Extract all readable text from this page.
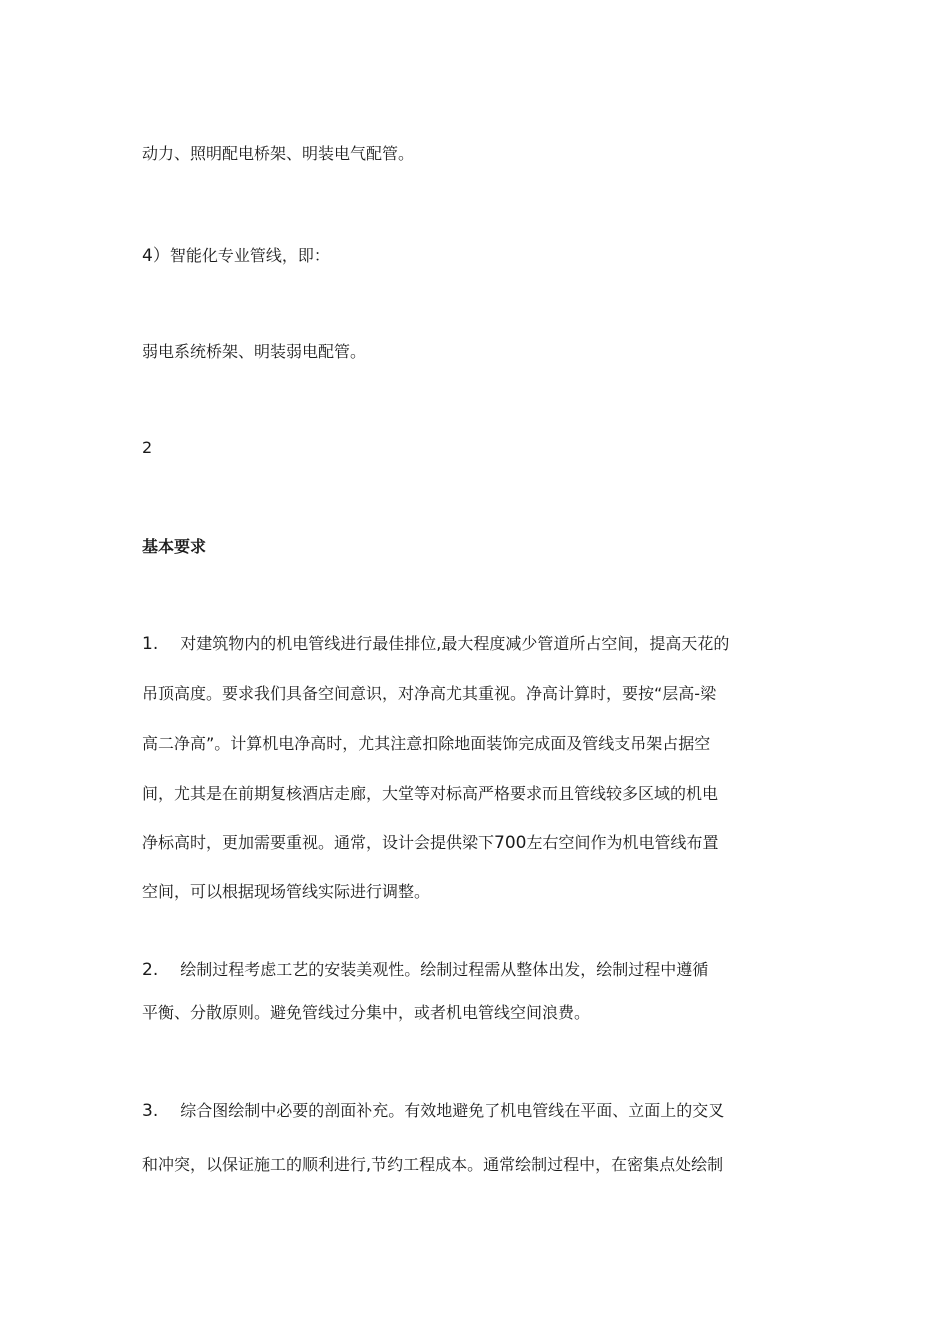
动力、照明配电桥架、明装电气配管。
4）智能化专业管线，即：
弱电系统桥架、明装弱电配管。
2
基本要求
1. 对建筑物内的机电管线进行最佳排位,最大程度减少管道所占空间，提高天花的
吊顶高度。要求我们具备空间意识，对净高尤其重视。净高计算时，要按“层高-梁
高二净高”。计算机电净高时，尤其注意扣除地面装饰完成面及管线支吊架占据空
间，尤其是在前期复核酒店走廊，大堂等对标高严格要求而且管线较多区域的机电
净标高时，更加需要重视。通常，设计会提供梁下700左右空间作为机电管线布置
空间，可以根据现场管线实际进行调整。
2. 绘制过程考虑工艺的安装美观性。绘制过程需从整体出发，绘制过程中遵循
平衡、分散原则。避免管线过分集中，或者机电管线空间浪费。
3. 综合图绘制中必要的剖面补充。有效地避免了机电管线在平面、立面上的交叉
和冲突，以保证施工的顺利进行,节约工程成本。通常绘制过程中，在密集点处绘制
